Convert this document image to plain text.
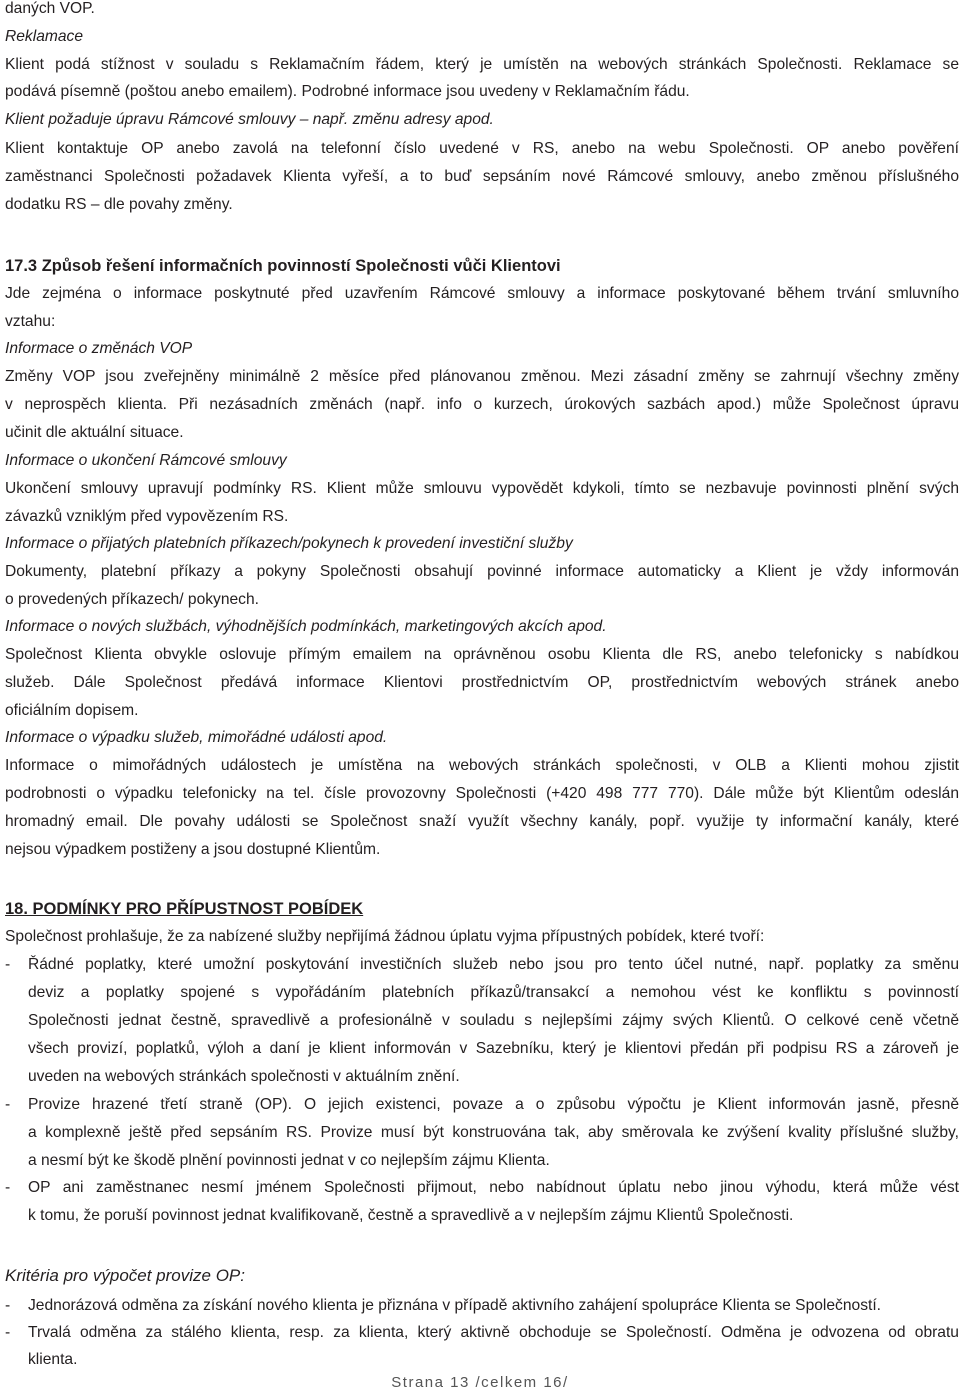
daných VOP.
Reklamace
Klient podá stížnost v souladu s Reklamačním řádem, který je umístěn na webových stránkách Společnosti. Reklamace se
podává písemně (poštou anebo emailem). Podrobné informace jsou uvedeny v Reklamačním řádu.
Klient požaduje úpravu Rámcové smlouvy – např. změnu adresy apod.
Klient kontaktuje OP anebo zavolá na telefonní číslo uvedené v RS, anebo na webu Společnosti. OP anebo pověření
zaměstnanci Společnosti požadavek Klienta vyřeší, a to buď sepsáním nové Rámcové smlouvy, anebo změnou příslušného
dodatku RS – dle povahy změny.
17.3 Způsob řešení informačních povinností Společnosti vůči Klientovi
Jde zejména o informace poskytnuté před uzavřením Rámcové smlouvy a informace poskytované během trvání smluvního
vztahu:
Informace o změnách VOP
Změny VOP jsou zveřejněny minimálně 2 měsíce před plánovanou změnou. Mezi zásadní změny se zahrnují všechny změny
v neprospěch klienta. Při nezásadních změnách (např. info o kurzech, úrokových sazbách apod.) může Společnost úpravu
učinit dle aktuální situace.
Informace o ukončení Rámcové smlouvy
Ukončení smlouvy upravují podmínky RS. Klient může smlouvu vypovědět kdykoli, tímto se nezbavuje povinnosti plnění svých
závazků vzniklým před vypovězením RS.
Informace o přijatých platebních příkazech/pokynech k provedení investiční služby
Dokumenty, platební příkazy a pokyny Společnosti obsahují povinné informace automaticky a Klient je vždy informován
o provedených příkazech/ pokynech.
Informace o nových službách, výhodnějších podmínkách, marketingových akcích apod.
Společnost Klienta obvykle oslovuje přímým emailem na oprávněnou osobu Klienta dle RS, anebo telefonicky s nabídkou
služeb. Dále Společnost předává informace Klientovi prostřednictvím OP, prostřednictvím webových stránek anebo
oficiálním dopisem.
Informace o výpadku služeb, mimořádné události apod.
Informace o mimořádných událostech je umístěna na webových stránkách společnosti, v OLB a Klienti mohou zjistit
podrobnosti o výpadku telefonicky na tel. čísle provozovny Společnosti (+420 498 777 770). Dále může být Klientům odeslán
hromadný email. Dle povahy události se Společnost snaží využít všechny kanály, popř. využije ty informační kanály, které
nejsou výpadkem postiženy a jsou dostupné Klientům.
18. PODMÍNKY PRO PŘÍPUSTNOST POBÍDEK
Společnost prohlašuje, že za nabízené služby nepřijímá žádnou úplatu vyjma přípustných pobídek, které tvoří:
- Řádné poplatky, které umožní poskytování investičních služeb nebo jsou pro tento účel nutné, např. poplatky za směnu
deviz a poplatky spojené s vypořádáním platebních příkazů/transakcí a nemohou vést ke konfliktu s povinností
Společnosti jednat čestně, spravedlivě a profesionálně v souladu s nejlepšími zájmy svých Klientů. O celkové ceně včetně
všech provizí, poplatků, výloh a daní je klient informován v Sazebníku, který je klientovi předán při podpisu RS a zároveň je
uveden na webových stránkách společnosti v aktuálním znění.
- Provize hrazené třetí straně (OP). O jejich existenci, povaze a o způsobu výpočtu je Klient informován jasně, přesně
a komplexně ještě před sepsáním RS. Provize musí být konstruována tak, aby směrovala ke zvýšení kvality příslušné služby,
a nesmí být ke škodě plnění povinnosti jednat v co nejlepším zájmu Klienta.
- OP ani zaměstnanec nesmí jménem Společnosti přijmout, nebo nabídnout úplatu nebo jinou výhodu, která může vést
k tomu, že poruší povinnost jednat kvalifikovaně, čestně a spravedlivě a v nejlepším zájmu Klientů Společnosti.
Kritéria pro výpočet provize OP:
- Jednorázová odměna za získání nového klienta je přiznána v případě aktivního zahájení spolupráce Klienta se Společností.
- Trvalá odměna za stálého klienta, resp. za klienta, který aktivně obchoduje se Společností. Odměna je odvozena od obratu
klienta.
Strana 13 /celkem 16/
